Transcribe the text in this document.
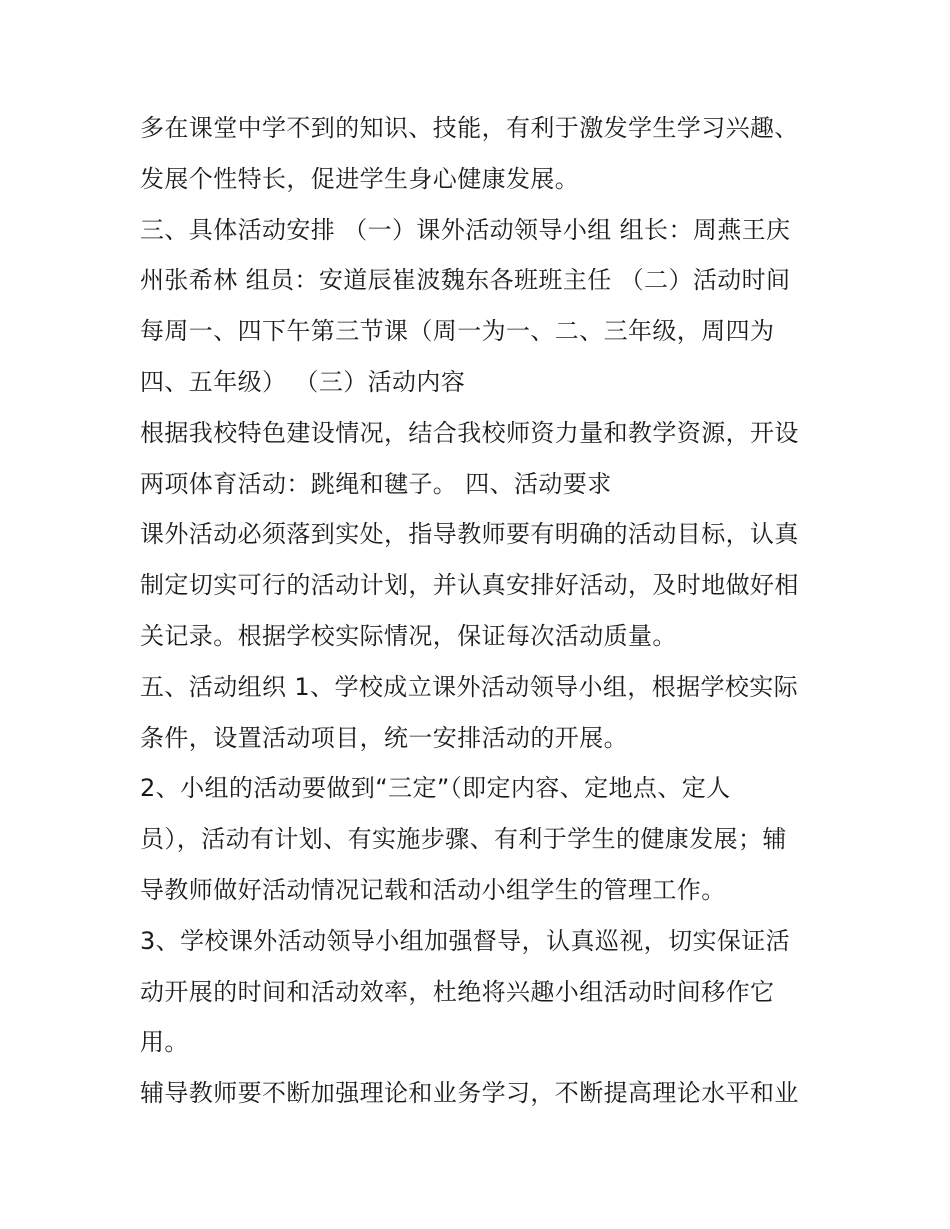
多在课堂中学不到的知识、技能，有利于激发学生学习兴趣、
发展个性特长，促进学生身心健康发展。
三、具体活动安排 （一）课外活动领导小组 组长：周燕王庆
州张希林 组员：安道辰崔波魏东各班班主任 （二）活动时间
每周一、四下午第三节课（周一为一、二、三年级，周四为
四、五年级） （三）活动内容
根据我校特色建设情况，结合我校师资力量和教学资源，开设
两项体育活动：跳绳和毽子。 四、活动要求
课外活动必须落到实处，指导教师要有明确的活动目标，认真
制定切实可行的活动计划，并认真安排好活动，及时地做好相
关记录。根据学校实际情况，保证每次活动质量。
五、活动组织 1、学校成立课外活动领导小组，根据学校实际
条件，设置活动项目，统一安排活动的开展。
2、小组的活动要做到“三定”（即定内容、定地点、定人
员），活动有计划、有实施步骤、有利于学生的健康发展；辅
导教师做好活动情况记载和活动小组学生的管理工作。
3、学校课外活动领导小组加强督导，认真巡视，切实保证活
动开展的时间和活动效率，杜绝将兴趣小组活动时间移作它
用。
辅导教师要不断加强理论和业务学习，不断提高理论水平和业
